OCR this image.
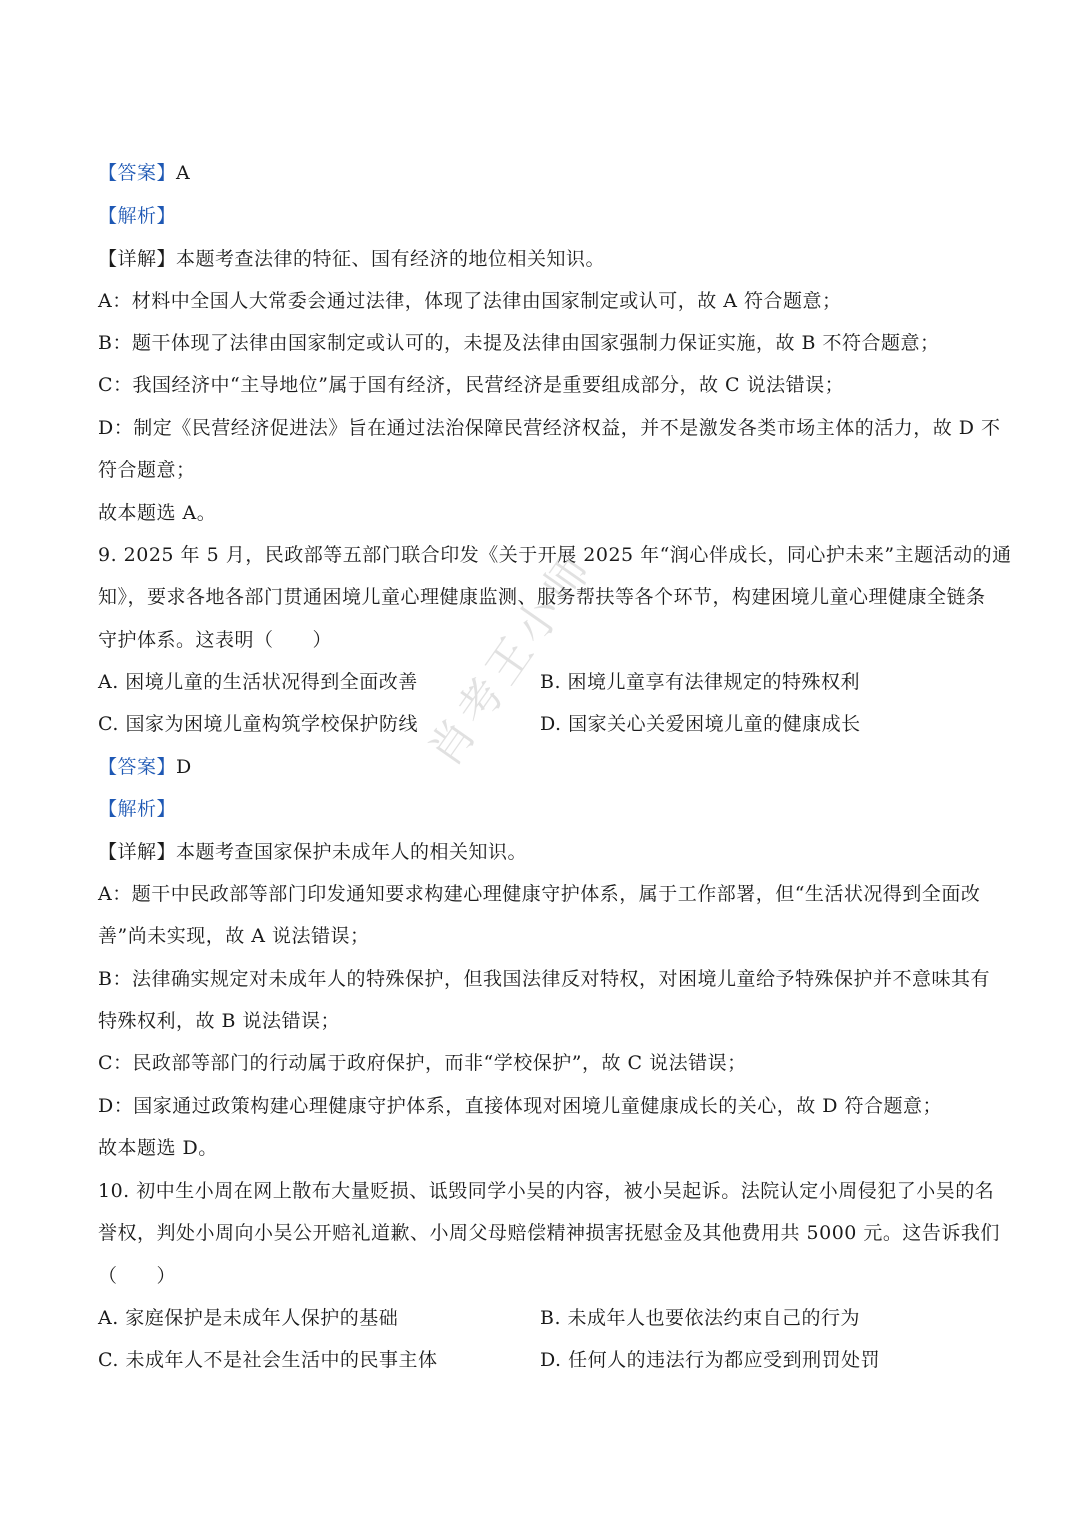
【答案】A
【解析】
【详解】本题考查法律的特征、国有经济的地位相关知识。
A：材料中全国人大常委会通过法律，体现了法律由国家制定或认可，故 A 符合题意；
B：题干体现了法律由国家制定或认可的，未提及法律由国家强制力保证实施，故 B 不符合题意；
C：我国经济中“主导地位”属于国有经济，民营经济是重要组成部分，故 C 说法错误；
D：制定《民营经济促进法》旨在通过法治保障民营经济权益，并不是激发各类市场主体的活力，故 D 不
符合题意；
故本题选 A。
9. 2025 年 5 月，民政部等五部门联合印发《关于开展 2025 年“润心伴成长，同心护未来”主题活动的通
知》，要求各地各部门贯通困境儿童心理健康监测、服务帮扶等各个环节，构建困境儿童心理健康全链条
守护体系。这表明（　　）
A. 困境儿童的生活状况得到全面改善	B. 困境儿童享有法律规定的特殊权利
C. 国家为困境儿童构筑学校保护防线	D. 国家关心关爱困境儿童的健康成长
【答案】D
【解析】
【详解】本题考查国家保护未成年人的相关知识。
A：题干中民政部等部门印发通知要求构建心理健康守护体系，属于工作部署，但“生活状况得到全面改
善”尚未实现，故 A 说法错误；
B：法律确实规定对未成年人的特殊保护，但我国法律反对特权，对困境儿童给予特殊保护并不意味其有
特殊权利，故 B 说法错误；
C：民政部等部门的行动属于政府保护，而非“学校保护”，故 C 说法错误；
D：国家通过政策构建心理健康守护体系，直接体现对困境儿童健康成长的关心，故 D 符合题意；
故本题选 D。
10. 初中生小周在网上散布大量贬损、诋毁同学小吴的内容，被小吴起诉。法院认定小周侵犯了小吴的名
誉权，判处小周向小吴公开赔礼道歉、小周父母赔偿精神损害抚慰金及其他费用共 5000 元。这告诉我们
（　　）
A. 家庭保护是未成年人保护的基础	B. 未成年人也要依法约束自己的行为
C. 未成年人不是社会生活中的民事主体	D. 任何人的违法行为都应受到刑罚处罚
肖考王小师
